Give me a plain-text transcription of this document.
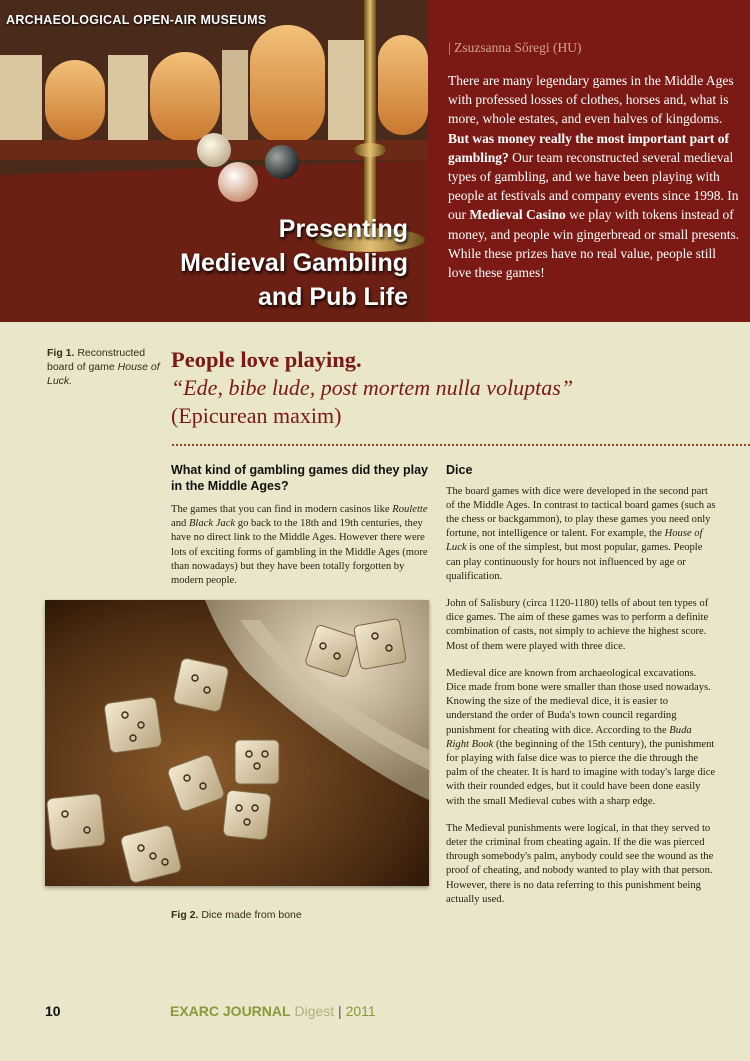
ARCHAEOLOGICAL OPEN-AIR MUSEUMS
Presenting
Medieval Gambling
and Pub Life
| Zsuzsanna Sőregi (HU)
There are many legendary games in the Middle Ages with professed losses of clothes, horses and, what is more, whole estates, and even halves of kingdoms. But was money really the most important part of gambling? Our team reconstructed several medieval types of gambling, and we have been playing with people at festivals and company events since 1998. In our Medieval Casino we play with tokens instead of money, and people win gingerbread or small presents. While these prizes have no real value, people still love these games!
Fig 1. Reconstructed board of game House of Luck.
People love playing.
“Ede, bibe lude, post mortem nulla voluptas”
(Epicurean maxim)
What kind of gambling games did they play in the Middle Ages?

The games that you can find in modern casinos like Roulette and Black Jack go back to the 18th and 19th centuries, they have no direct link to the Middle Ages. However there were lots of exciting forms of gambling in the Middle Ages (more than nowadays) but they have been totally forgotten by modern people.

Fig 2. Dice made from bone
Dice

The board games with dice were developed in the second part of the Middle Ages. In contrast to tactical board games (such as the chess or backgammon), to play these games you need only fortune, not intelligence or talent. For example, the House of Luck is one of the simplest, but most popular, games. People can play continuously for hours not influenced by age or qualification.

John of Salisbury (circa 1120-1180) tells of about ten types of dice games. The aim of these games was to perform a definite combination of casts, not simply to achieve the highest score. Most of them were played with three dice.

Medieval dice are known from archaeological excavations. Dice made from bone were smaller than those used nowadays. Knowing the size of the medieval dice, it is easier to understand the order of Buda's town council regarding punishment for cheating with dice. According to the Buda Right Book (the beginning of the 15th century), the punishment for playing with false dice was to pierce the die through the palm of the cheater. It is hard to imagine with today's large dice with their rounded edges, but it could have been done easily with the small Medieval cubes with a sharp edge.

The Medieval punishments were logical, in that they served to deter the criminal from cheating again. If the die was pierced through somebody's palm, anybody could see the wound as the proof of cheating, and nobody wanted to play with that person. However, there is no data referring to this punishment being actually used.

10	EXARC JOURNAL Digest | 2011
